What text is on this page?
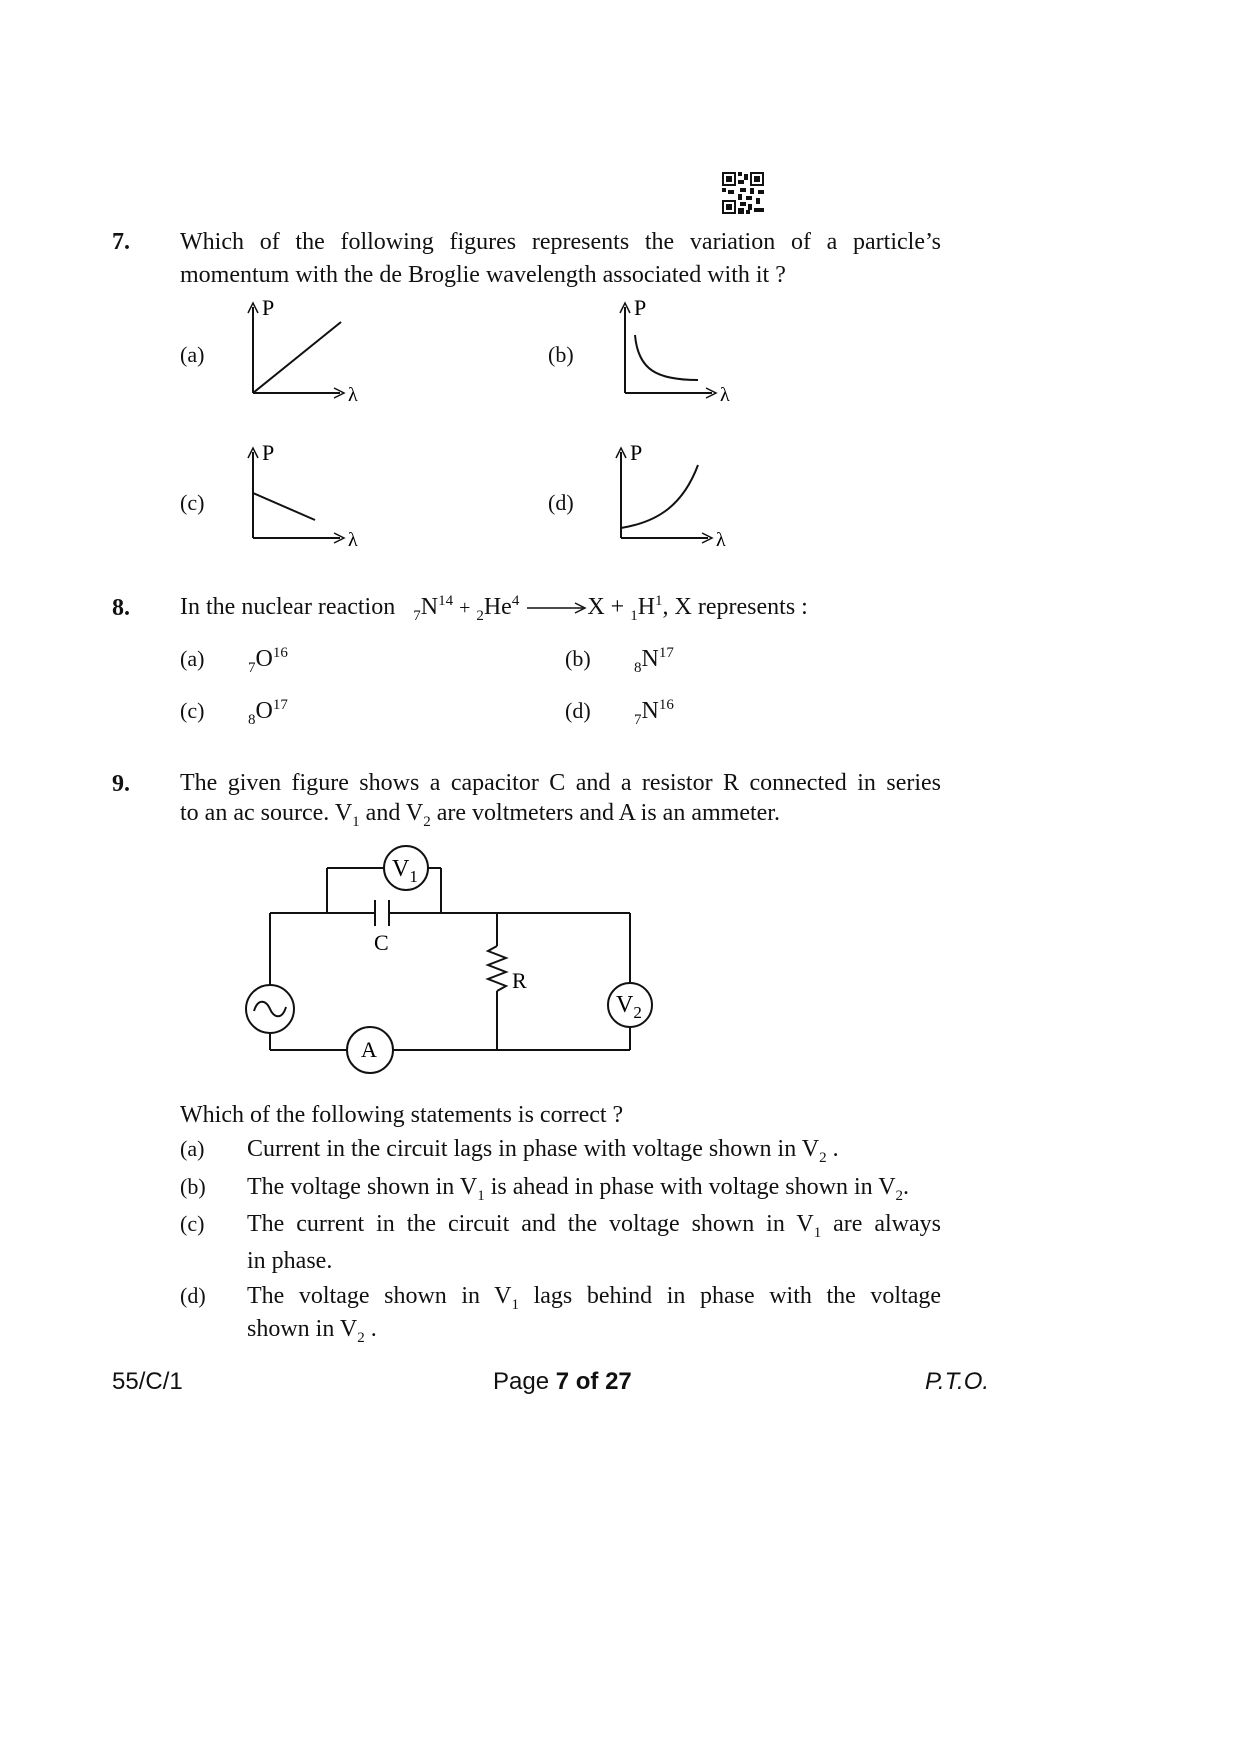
7. Which of the following figures represents the variation of a particle’s
momentum with the de Broglie wavelength associated with it ?
(a)	(b)
(c)	(d)
P
λ
P
λ
P
λ
P
λ
8. In the nuclear reaction $_7N^{14} + _2He^4 \to X + _1H^1$, X represents :
(a)	$_7O^{16}$	(b)	$_8N^{17}$
(c)	$_8O^{17}$	(d)	$_7N^{16}$
9. The given figure shows a capacitor C and a resistor R connected in series
to an ac source. $V_1$ and $V_2$ are voltmeters and A is an ammeter.
$V_1$
$V_2$
C
R
A
Which of the following statements is correct ?
(a) Current in the circuit lags in phase with voltage shown in $V_2$ .
(b) The voltage shown in $V_1$ is ahead in phase with voltage shown in $V_2$.
(c) The current in the circuit and the voltage shown in $V_1$ are always
in phase.
(d) The voltage shown in $V_1$ lags behind in phase with the voltage
shown in $V_2$ .
55/C/1	Page 7 of 27	P.T.O.
